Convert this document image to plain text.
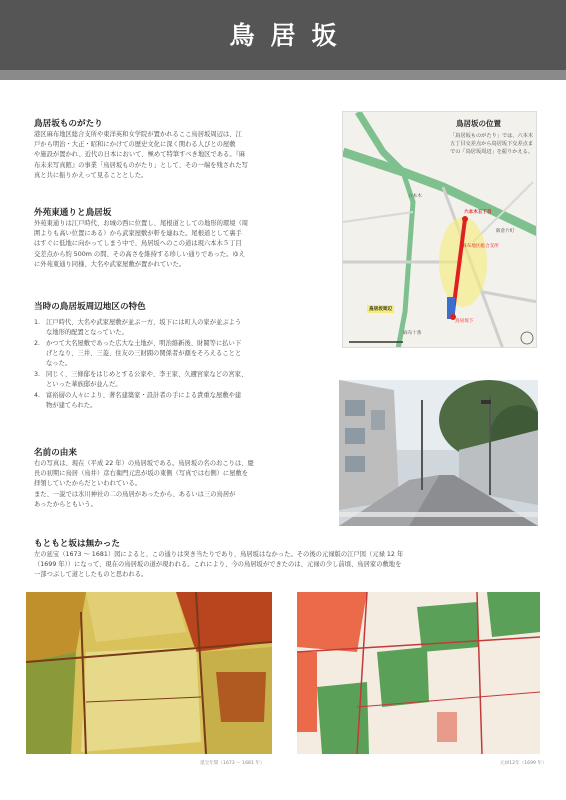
鳥居坂
鳥居坂ものがたり

港区麻布地区総合支所や東洋英和女学院が置かれるここ鳥居坂周辺は、江

戸から明治・大正・昭和にかけての歴史文化に深く関わる人びとの屋敷

や施設が置かれ、近代の日本において、極めて特筆すべき地区である。『麻

布未来写真館』の事業「鳥居坂ものがたり」として、その一端を残された写

真と共に振りかえって見ることとした。

外苑東通りと鳥居坂

外苑東通りは江戸時代、お城の西に位置し、尾根道としての地形的環境（周

囲よりも高い位置にある）から武家屋敷が軒を連ねた。尾根道として裏手

はすぐに低地に向かってしまう中で、鳥居坂へのこの道は現六本木５丁目

交差点から約 500m の間、その高さを維持する珍しい通りであった。ゆえ

に外苑東通り同様、大名や武家屋敷が置かれていた。

当時の鳥居坂周辺地区の特色
1. 江戸時代、大名や武家屋敷が並ぶ一方、坂下には町人の家が並ぶよう
な地形的配置となっていた。
2. かつて大名屋敷であった広大な土地が、明治維新後、財閥等に払い下
げとなり、三井、三菱、住友の三財閥の関係者が顔をそろえることと
なった。
3. 同じく、三條邸をはじめとする公家や、李王家、久邇宮家などの宮家、
といった華族邸が並んだ。
4. 富裕層の人々により、著名建築家・設計者の手による貴重な屋敷や建
物が建てられた。
名前の由来

右の写真は、現在（平成 22 年）の鳥居坂である。鳥居坂の名のおこりは、慶

長の初期に鳥居（鳥井）彦右衛門元忠が坂の東側（写真では右側）に屋敷を

拝領していたからだといわれている。

また、一説では氷川神社の二の鳥居があったから、あるいは三の鳥居が

あったからともいう。

もともと坂は無かった

左の延宝（1673 〜 1681）図によると、この通りは突き当たりであり、鳥居坂はなかった。その後の元禄版の江戸図（元禄 12 年

（1699 年））になって、現在の鳥居坂の道が現われる。これにより、今の鳥居坂ができたのは、元禄の少し前頃、鳥居家の敷地を

一部つぶして道としたものと思われる。

鳥居坂の位置
「鳥居坂ものがたり」では、六本木五丁目交差点から鳥居坂下交差点までの「鳥居坂周辺」を振りかえる。
六本木五丁目
六本木
飯倉片町
麻布地区総合支所
鳥居坂周辺
鳥居坂下
麻布十番
延宝年間（1673 〜 1681 年）	元禄12年（1699 年）
